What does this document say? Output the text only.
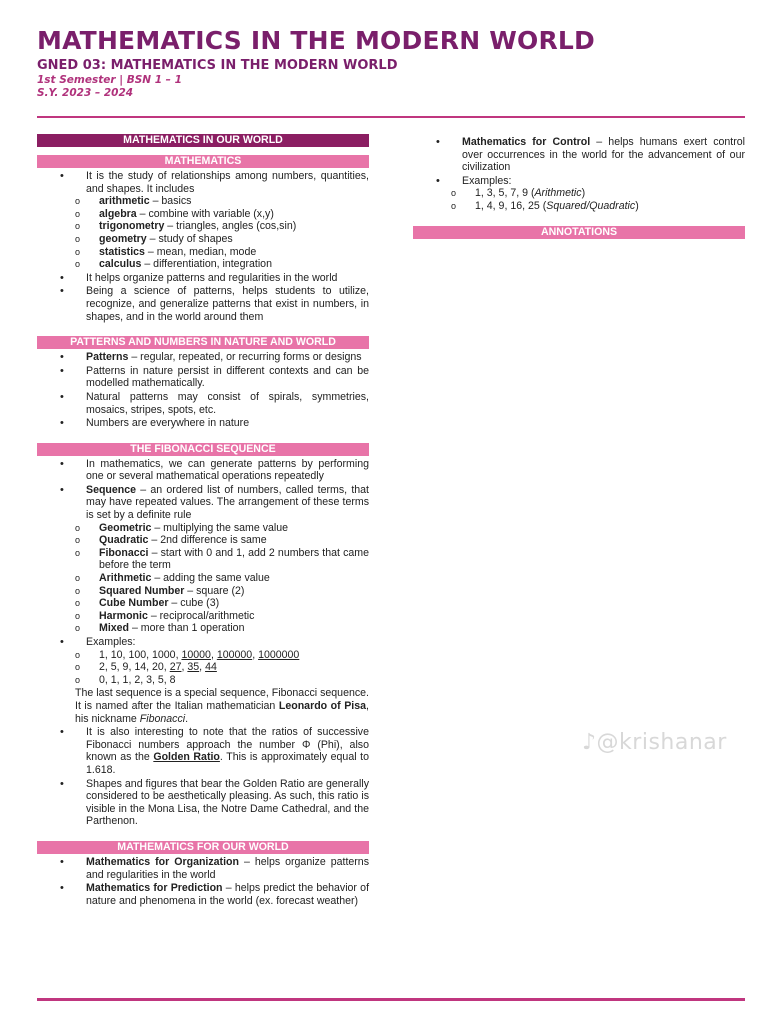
MATHEMATICS IN THE MODERN WORLD
GNED 03: MATHEMATICS IN THE MODERN WORLD
1st Semester | BSN 1 – 1
S.Y. 2023 – 2024
MATHEMATICS IN OUR WORLD
MATHEMATICS
• It is the study of relationships among numbers, quantities, and shapes. It includes
o arithmetic – basics
o algebra – combine with variable (x,y)
o trigonometry – triangles, angles (cos,sin)
o geometry – study of shapes
o statistics – mean, median, mode
o calculus – differentiation, integration
• It helps organize patterns and regularities in the world
• Being a science of patterns, helps students to utilize, recognize, and generalize patterns that exist in numbers, in shapes, and in the world around them
PATTERNS AND NUMBERS IN NATURE AND WORLD
• Patterns – regular, repeated, or recurring forms or designs
• Patterns in nature persist in different contexts and can be modelled mathematically.
• Natural patterns may consist of spirals, symmetries, mosaics, stripes, spots, etc.
• Numbers are everywhere in nature
THE FIBONACCI SEQUENCE
• In mathematics, we can generate patterns by performing one or several mathematical operations repeatedly
• Sequence – an ordered list of numbers, called terms, that may have repeated values. The arrangement of these terms is set by a definite rule
o Geometric – multiplying the same value
o Quadratic – 2nd difference is same
o Fibonacci – start with 0 and 1, add 2 numbers that came before the term
o Arithmetic – adding the same value
o Squared Number – square (2)
o Cube Number – cube (3)
o Harmonic – reciprocal/arithmetic
o Mixed – more than 1 operation
• Examples:
o 1, 10, 100, 1000, 10000, 100000, 1000000
o 2, 5, 9, 14, 20, 27, 35, 44
o 0, 1, 1, 2, 3, 5, 8

The last sequence is a special sequence, Fibonacci sequence. It is named after the Italian mathematician Leonardo of Pisa, his nickname Fibonacci.

• It is also interesting to note that the ratios of successive Fibonacci numbers approach the number Φ (Phi), also known as the Golden Ratio. This is approximately equal to 1.618.
• Shapes and figures that bear the Golden Ratio are generally considered to be aesthetically pleasing. As such, this ratio is visible in the Mona Lisa, the Notre Dame Cathedral, and the Parthenon.
MATHEMATICS FOR OUR WORLD
• Mathematics for Organization – helps organize patterns and regularities in the world
• Mathematics for Prediction – helps predict the behavior of nature and phenomena in the world (ex. forecast weather)
• Mathematics for Control – helps humans exert control over occurrences in the world for the advancement of our civilization
• Examples:
o 1, 3, 5, 7, 9 (Arithmetic)
o 1, 4, 9, 16, 25 (Squared/Quadratic)
ANNOTATIONS
♪@krishanar
